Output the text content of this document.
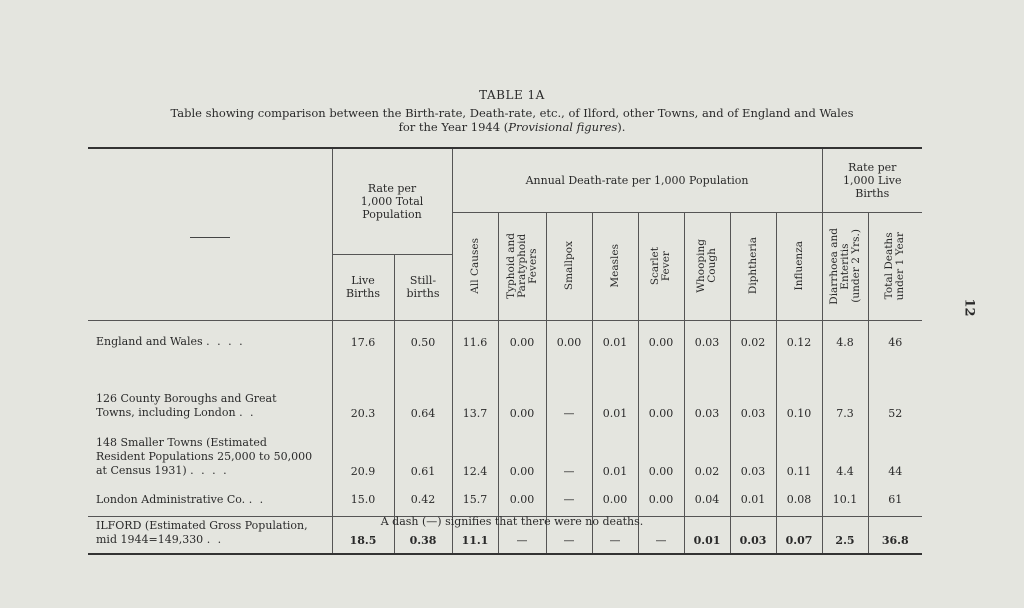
TABLE 1A
Table showing comparison between the Birth-rate, Death-rate, etc., of Ilford, other Towns, and of England and Wales
for the Year 1944 (Provisional figures).
12

	Rate per 1,000 Total Population		Annual Death-rate per 1,000 Population								Rate per 1,000 Live Births	

			All Causes	Typhoid and
Paratyphoid
Fevers	Smallpox	Measles	Scarlet
Fever	Whooping
Cough	Diphtheria	Influenza	Diarrhoea and
Enteritis
(under 2 Yrs.)	Total Deaths
under 1 Year

	Live
Births	Still-
births										

England and Wales . . . .	17.6	0.50	11.6	0.00	0.00	0.01	0.00	0.03	0.02	0.12	4.8	46
126 County Boroughs and Great Towns, including London . .	20.3	0.64	13.7	0.00	—	0.01	0.00	0.03	0.03	0.10	7.3	52
148 Smaller Towns (Estimated Resident Populations 25,000 to 50,000 at Census 1931) . . . .	20.9	0.61	12.4	0.00	—	0.01	0.00	0.02	0.03	0.11	4.4	44
London Administrative Co. . .	15.0	0.42	15.7	0.00	—	0.00	0.00	0.04	0.01	0.08	10.1	61
ILFORD (Estimated Gross Population, mid 1944=149,330 . .	18.5	0.38	11.1	—	—	—	—	0.01	0.03	0.07	2.5	36.8
A dash (—) signifies that there were no deaths.
